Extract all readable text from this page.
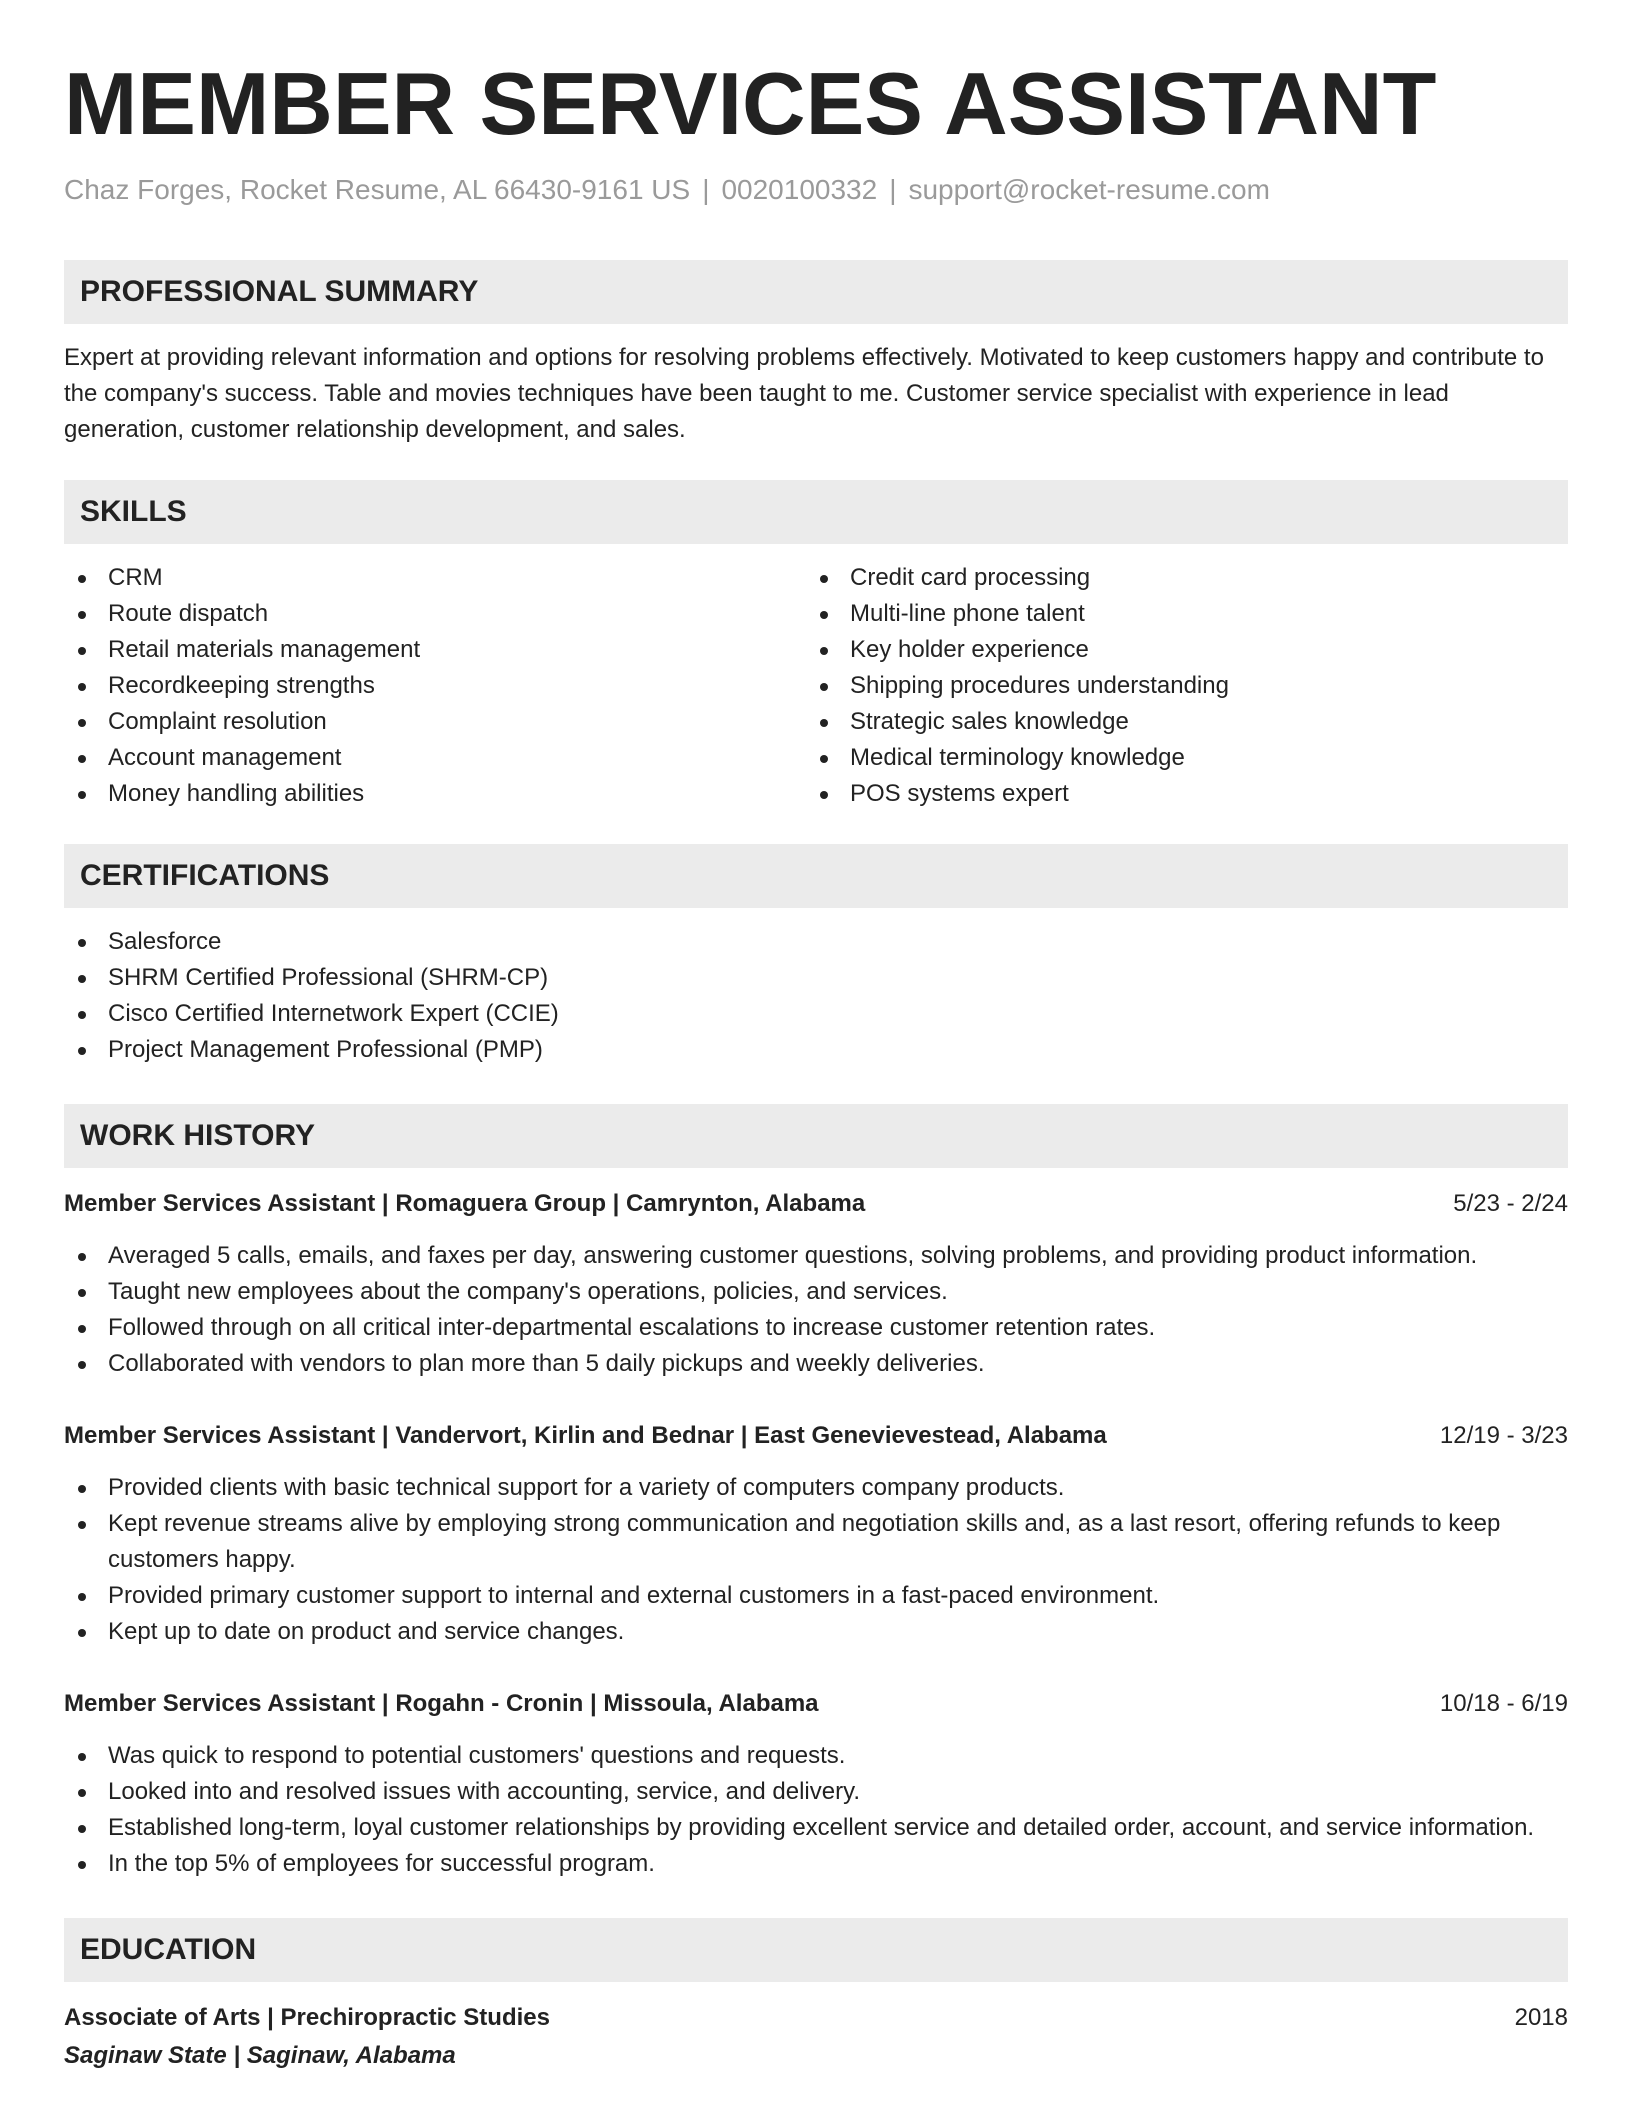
MEMBER SERVICES ASSISTANT
Chaz Forges, Rocket Resume, AL 66430-9161 US | 0020100332 | support@rocket-resume.com
PROFESSIONAL SUMMARY
Expert at providing relevant information and options for resolving problems effectively. Motivated to keep customers happy and contribute to the company's success. Table and movies techniques have been taught to me. Customer service specialist with experience in lead generation, customer relationship development, and sales.
SKILLS
CRM
Route dispatch
Retail materials management
Recordkeeping strengths
Complaint resolution
Account management
Money handling abilities
Credit card processing
Multi-line phone talent
Key holder experience
Shipping procedures understanding
Strategic sales knowledge
Medical terminology knowledge
POS systems expert
CERTIFICATIONS
Salesforce
SHRM Certified Professional (SHRM-CP)
Cisco Certified Internetwork Expert (CCIE)
Project Management Professional (PMP)
WORK HISTORY
Member Services Assistant | Romaguera Group | Camrynton, Alabama	5/23 - 2/24
Averaged 5 calls, emails, and faxes per day, answering customer questions, solving problems, and providing product information.
Taught new employees about the company's operations, policies, and services.
Followed through on all critical inter-departmental escalations to increase customer retention rates.
Collaborated with vendors to plan more than 5 daily pickups and weekly deliveries.
Member Services Assistant | Vandervort, Kirlin and Bednar | East Genevievestead, Alabama	12/19 - 3/23
Provided clients with basic technical support for a variety of computers company products.
Kept revenue streams alive by employing strong communication and negotiation skills and, as a last resort, offering refunds to keep customers happy.
Provided primary customer support to internal and external customers in a fast-paced environment.
Kept up to date on product and service changes.
Member Services Assistant | Rogahn - Cronin | Missoula, Alabama	10/18 - 6/19
Was quick to respond to potential customers' questions and requests.
Looked into and resolved issues with accounting, service, and delivery.
Established long-term, loyal customer relationships by providing excellent service and detailed order, account, and service information.
In the top 5% of employees for successful program.
EDUCATION
Associate of Arts | Prechiropractic Studies	2018
Saginaw State | Saginaw, Alabama
